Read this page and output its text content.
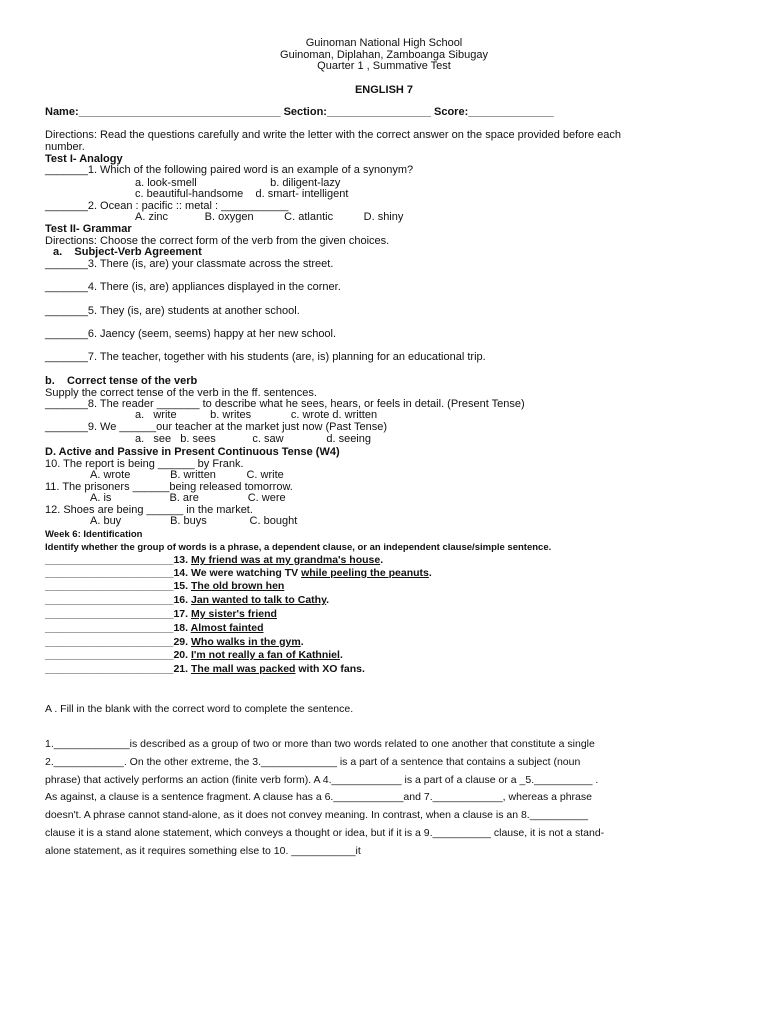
Guinoman National High School
Guinoman, Diplahan, Zamboanga Sibugay
Quarter 1 , Summative Test
ENGLISH 7
Name:_________________________________ Section:_________________ Score:______________
Directions: Read the questions carefully and write the letter with the correct answer on the space provided before each
number.
Test I- Analogy
_______1. Which of the following paired word is an example of a synonym?
a. look-smell                        b. diligent-lazy
c. beautiful-handsome    d. smart- intelligent
_______2. Ocean : pacific :: metal : ___________
A. zinc            B. oxygen          C. atlantic          D. shiny
Test II- Grammar
Directions: Choose the correct form of the verb from the given choices.
a.    Subject-Verb Agreement
_______3. There (is, are) your classmate across the street.
_______4. There (is, are) appliances displayed in the corner.
_______5. They (is, are) students at another school.
_______6. Jaency (seem, seems) happy at her new school.
_______7. The teacher, together with his students (are, is) planning for an educational trip.
b.    Correct tense of the verb
Supply the correct tense of the verb in the ff. sentences.
_______8. The reader _______ to describe what he sees, hears, or feels in detail. (Present Tense)
a.   write           b. writes             c. wrote d. written
_______9. We ______our teacher at the market just now (Past Tense)
a.   see   b. sees            c. saw              d. seeing
D. Active and Passive in Present Continuous Tense (W4)
10. The report is being ______ by Frank.
A. wrote             B. written          C. write
11. The prisoners ______being released tomorrow.
A. is                   B. are                C. were
12. Shoes are being ______ in the market.
A. buy                B. buys              C. bought
Week 6: Identification
Identify whether the group of words is a phrase, a dependent clause, or an independent clause/simple sentence.
______________________13. My friend was at my grandma's house.
______________________14. We were watching TV while peeling the peanuts.
______________________15. The old brown hen
______________________16. Jan wanted to talk to Cathy.
______________________17. My sister's friend
______________________18. Almost fainted
______________________29. Who walks in the gym.
______________________20. I'm not really a fan of Kathniel.
______________________21. The mall was packed with XO fans.
A . Fill in the blank with the correct word to complete the sentence.
1._____________is described as a group of two or more than two words related to one another that constitute a single
2.____________. On the other extreme, the 3._____________ is a part of a sentence that contains a subject (noun
phrase) that actively performs an action (finite verb form). A 4.____________ is a part of a clause or a _5.__________ .
As against, a clause is a sentence fragment. A clause has a 6.____________and 7.____________, whereas a phrase
doesn't. A phrase cannot stand-alone, as it does not convey meaning. In contrast, when a clause is an 8.__________
clause it is a stand alone statement, which conveys a thought or idea, but if it is a 9.__________ clause, it is not a stand-
alone statement, as it requires something else to 10. ___________it
